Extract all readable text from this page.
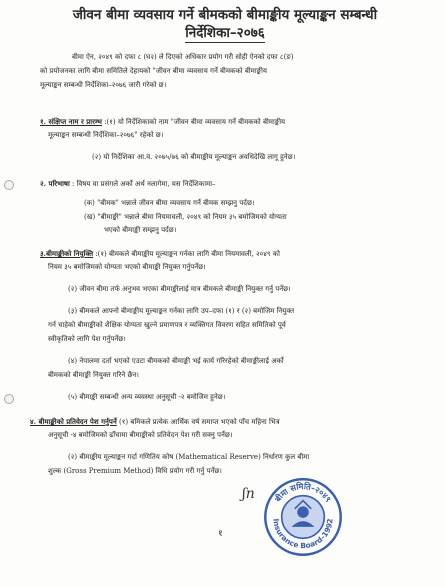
जीवन बीमा व्यवसाय गर्ने बीमकको बीमाङ्कीय मूल्याङ्कन सम्बन्धी
निर्देशिका–२०७६
बीमा ऐन, २०४९ को दफा ८ (घ२) ले दिएको अधिकार प्रयोग गरी सोही ऐनको दफा ८(ङ)
को प्रयोजनका लागि बीमा समितिले देहायको "जीवन बीमा व्यवसाय गर्ने बीमकको बीमाङ्कीय
मूल्याङ्कन सम्बन्धी निर्देशिका–२०७६ जारी गरेको छ।
१. संक्षिप्त नाम र प्रारम्भ :(१) यो निर्देशिकाको नाम "जीवन बीमा व्यवसाय गर्ने बीमकको बीमाङ्कीय
मूल्याङ्कन सम्बन्धी निर्देशिका–२०७६" रहेको छ।
(२) यो निर्देशिका आ.व. २०७५/७६ को बीमाङ्कीय मूल्याङ्कन अवधिदेखि लागू हुनेछ।
२. परिभाषा : विषय वा प्रसंगले अर्को अर्थ नलागेमा, यस निर्देशिकामा–
(क) "बीमक" भन्नाले जीवन बीमा व्यवसाय गर्ने बीमक सम्झनु पर्दछ।
(ख) "बीमाङ्की" भन्नाले बीमा नियमावली, २०४९ को नियम ३५ बमोजिमको योग्यता
भएको बीमाङ्की सम्झनु पर्दछ।
३.बीमाङ्कीको नियुक्ति :(१) बीमकले बीमाङ्कीय मूल्याङ्कन गर्नका लागि बीमा नियमावली, २०४९ को
नियम ३५ बमोजिमको योग्यता भएको बीमाङ्की नियुक्त गर्नुपर्नेछ।
(२) जीवन बीमा तर्फ अनुभव भएका बीमाङ्कीलाई मात्र बीमकले बीमाङ्की नियुक्त गर्नु पर्नेछ।
(३) बीमकले आफ्नो बीमाङ्कीय मूल्याङ्कन गर्नका लागि उप–दफा (१) र (२) बमोजिम नियुक्त
गर्न चाहेको बीमाङ्कीको शैक्षिक योग्यता खुल्ने प्रमाणपत्र र व्यक्तिगत विवरण सहित समितिको पूर्व
स्वीकृतिको लागि पेश गर्नुपर्नेछ।
(४) नेपालमा दर्ता भएको एउटा बीमकको बीमाङ्की भई कार्य गरिरहेको बीमाङ्कीलाई अर्को
बीमकको बीमाङ्की नियुक्त गरिने छैन।
(५) बीमाङ्की सम्बन्धी अन्य व्यवस्था अनुसूची -२ बमोजिम हुनेछ।
४. बीमाङ्कीको प्रतिवेदन पेश गर्नुपर्ने (१) बमिकले प्रत्येक आर्थिक वर्ष समाप्त भएको पाँच महिना भित्र
अनुसूची -४ बमोजिमको ढाँचामा बीमाङ्कीको प्रतिवेदन पेश गरी सक्नु पर्नेछ।
(२) बीमाङ्कीय मूल्याङ्कन गर्दा गणितिय कोष (Mathematical Reserve) निर्धारण कुल बीमा
शुल्क (Gross Premium Method) विधि प्रयोग गरी गर्नु पर्नेछ।
ʃn
१
बीमा समिति–२०४९
Insurance Board–1992
